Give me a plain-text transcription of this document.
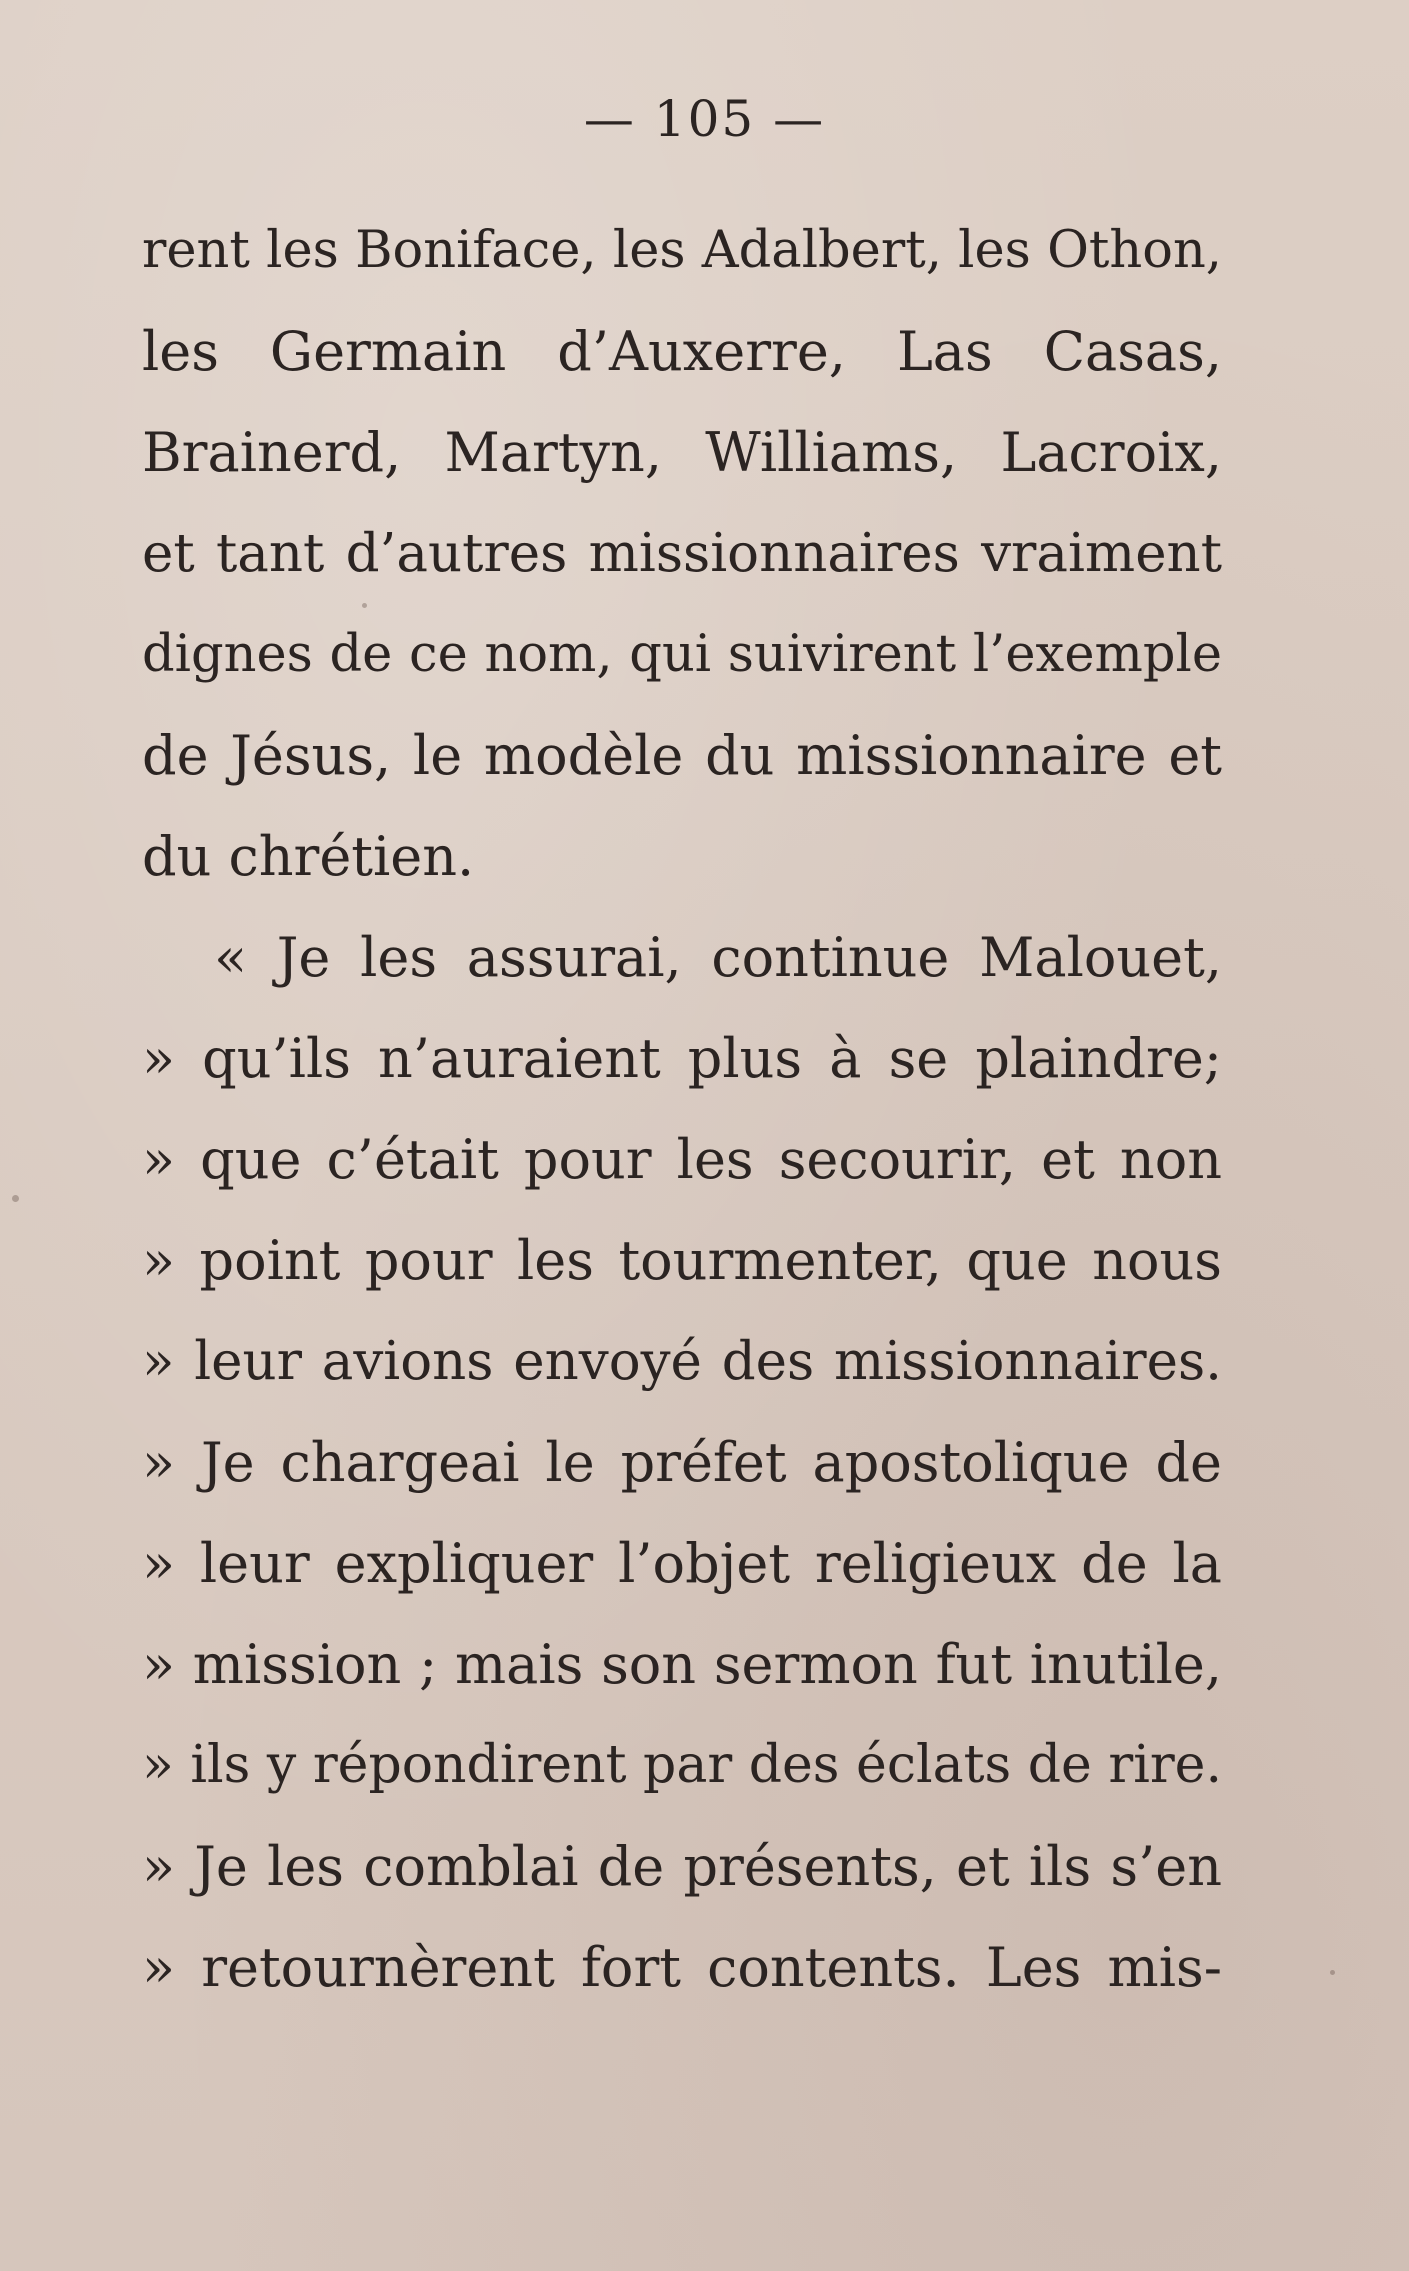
— 105 —
rent les Boniface, les Adalbert, les Othon,
les Germain d’Auxerre, Las Casas,
Brainerd, Martyn, Williams, Lacroix,
et tant d’autres missionnaires vraiment
dignes de ce nom, qui suivirent l’exemple
de Jésus, le modèle du missionnaire et
du chrétien.
« Je les assurai, continue Malouet,
» qu’ils n’auraient plus à se plaindre;
» que c’était pour les secourir, et non
» point pour les tourmenter, que nous
» leur avions envoyé des missionnaires.
» Je chargeai le préfet apostolique de
» leur expliquer l’objet religieux de la
» mission ; mais son sermon fut inutile,
» ils y répondirent par des éclats de rire.
» Je les comblai de présents, et ils s’en
» retournèrent fort contents. Les mis-
